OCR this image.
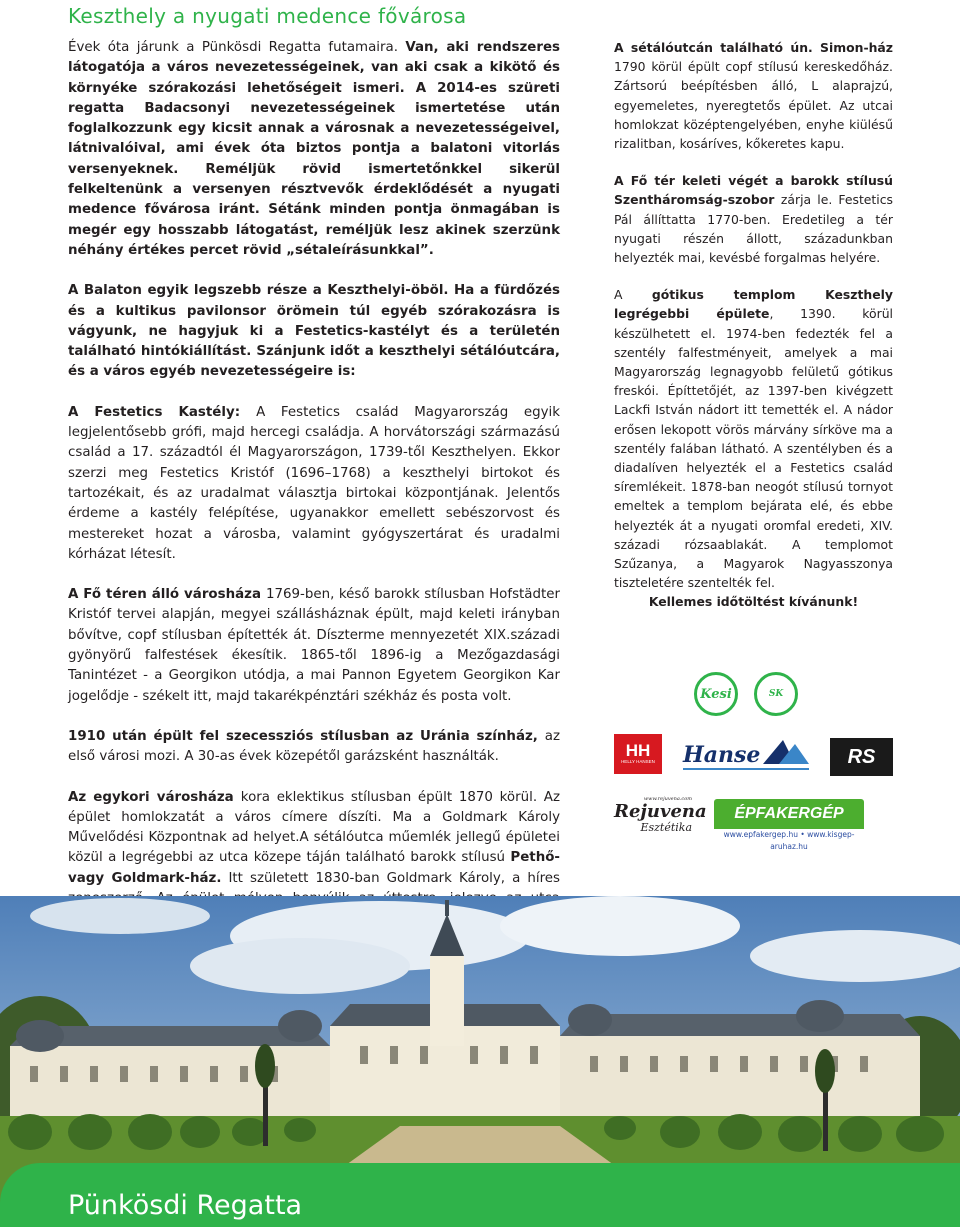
Keszthely a nyugati medence fővárosa

Évek óta járunk a Pünkösdi Regatta futamaira. Van, aki rendszeres látogatója a város nevezetességeinek, van aki csak a kikötő és környéke szórakozási lehetőségeit ismeri. A 2014-es szüreti regatta Badacsonyi nevezetességeinek ismertetése után foglalkozzunk egy kicsit annak a városnak a nevezetességeivel, látnivalóival, ami évek óta biztos pontja a balatoni vitorlás versenyeknek. Reméljük rövid ismertetőnkkel sikerül felkeltenünk a versenyen résztvevők érdeklődését a nyugati medence fővárosa iránt. Sétánk minden pontja önmagában is megér egy hosszabb látogatást, reméljük lesz akinek szerzünk néhány értékes percet rövid „sétaleírásunkkal”.

A Balaton egyik legszebb része a Keszthelyi-öböl. Ha a fürdőzés és a kultikus pavilonsor örömein túl egyéb szórakozásra is vágyunk, ne hagyjuk ki a Festetics-kastélyt és a területén található hintókiállítást. Szánjunk időt a keszthelyi sétálóutcára, és a város egyéb nevezetességeire is:

A Festetics Kastély: A Festetics család Magyarország egyik legjelentősebb grófi, majd hercegi családja. A horvátországi származású család a 17. századtól él Magyarországon, 1739-től Keszthelyen. Ekkor szerzi meg Festetics Kristóf (1696–1768) a keszthelyi birtokot és tartozékait, és az uradalmat választja birtokai központjának. Jelentős érdeme a kastély felépítése, ugyanakkor emellett sebészorvost és mestereket hozat a városba, valamint gyógyszertárat és uradalmi kórházat létesít.

A Fő téren álló városháza 1769-ben, késő barokk stílusban Hofstädter Kristóf tervei alapján, megyei szállásháznak épült, majd keleti irányban bővítve, copf stílusban építették át. Díszterme mennyezetét XIX.századi gyönyörű falfestések ékesítik. 1865-től 1896-ig a Mezőgazdasági Tanintézet - a Georgikon utódja, a mai Pannon Egyetem Georgikon Kar jogelődje - székelt itt, majd takarékpénztári székház és posta volt.

1910 után épült fel szecessziós stílusban az Uránia színház, az első városi mozi. A 30-as évek közepétől garázsként használták.

Az egykori városháza kora eklektikus stílusban épült 1870 körül. Az épület homlokzatát a város címere díszíti. Ma a Goldmark Károly Művelődési Központnak ad helyet.A sétálóutca műemlék jellegű épületei közül a legrégebbi az utca közepe táján található barokk stílusú Pethő- vagy Goldmark-ház. Itt született 1830-ban Goldmark Károly, a híres

A sétálóutcán található ún. Simon-ház 1790 körül épült copf stílusú kereskedőház. Zártsorú beépítésben álló, L alaprajzú, egyemeletes, nyeregtetős épület. Az utcai homlokzat középtengelyében, enyhe kiülésű rizalitban, kosáríves, kőkeretes kapu.

A Fő tér keleti végét a barokk stílusú Szentháromság-szobor zárja le. Festetics Pál állíttatta 1770-ben. Eredetileg a tér nyugati részén állott, századunkban helyezték mai, kevésbé forgalmas helyére.

A gótikus templom Keszthely legrégebbi épülete, 1390. körül készülhetett el. 1974-ben fedezték fel a szentély falfestményeit, amelyek a mai Magyarország legnagyobb felületű gótikus freskói. Építtetőjét, az 1397-ben kivégzett Lackfi István nádort itt temették el. A nádor erősen lekopott vörös márvány sírköve ma a szentély falában látható. A szentélyben és a diadalíven helyezték el a Festetics család síremlékeit. 1878-ban neogót stílusú tornyot emeltek a templom bejárata elé, és ebbe helyezték át a nyugati oromfal eredeti, XIV. századi rózsaablakát. A templomot Szűzanya, a Magyarok Nagyasszonya tiszteletére szentelték fel.

Kellemes időtöltést kívánunk!

Kesi	SK
HH
HELLY HANSEN Hanse	RS
www.rejuvena.com
Rejuvena
Esztétika
ÉPFAKERGÉP
www.epfakergep.hu • www.kisgep-aruhaz.hu
Pünkösdi Regatta
